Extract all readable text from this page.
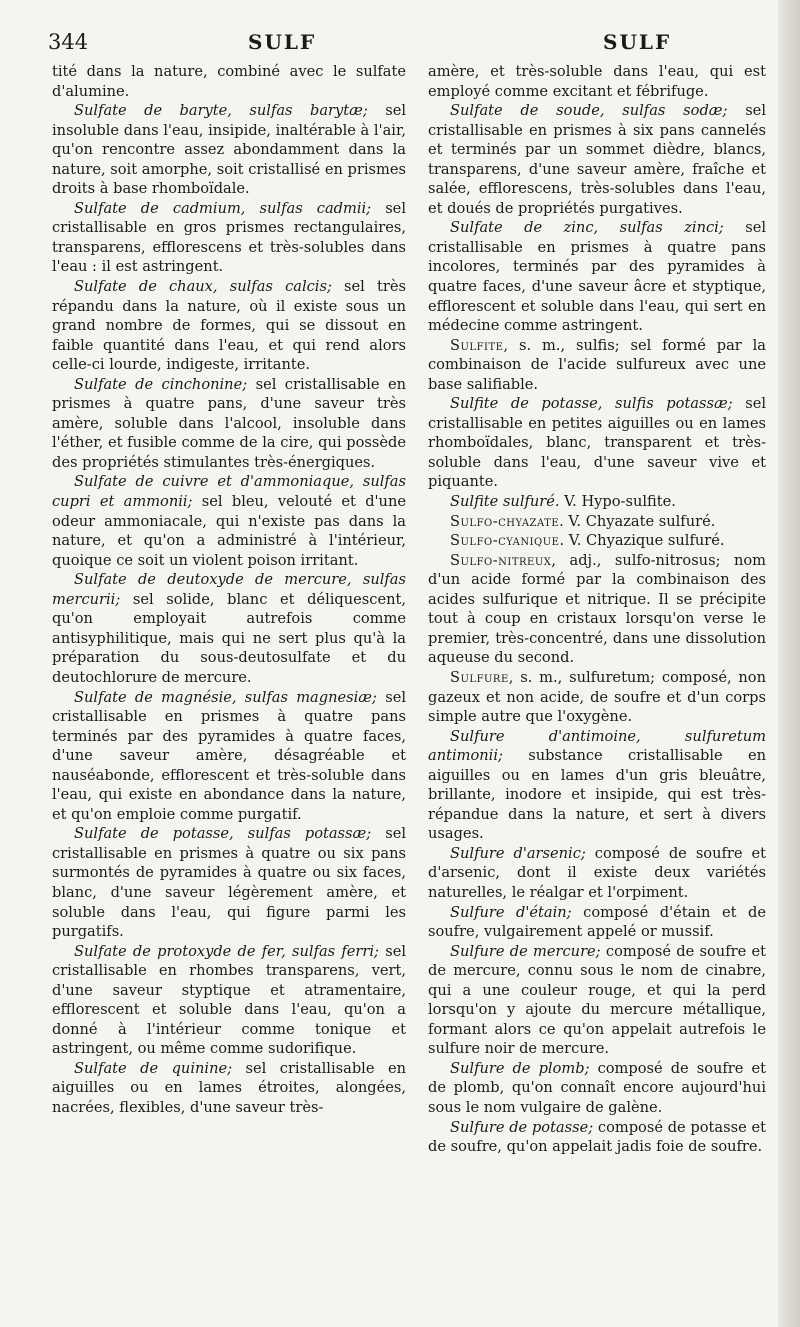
344	SULF	SULF

tité dans la nature, combiné avec le sulfate d'alumine.

Sulfate de baryte, sulfas barytæ; sel insoluble dans l'eau, insipide, inaltérable à l'air, qu'on rencontre assez abondamment dans la nature, soit amorphe, soit cristallisé en prismes droits à base rhomboïdale.

Sulfate de cadmium, sulfas cadmii; sel cristallisable en gros prismes rectangulaires, transparens, efflorescens et très-solubles dans l'eau : il est astringent.

Sulfate de chaux, sulfas calcis; sel très répandu dans la nature, où il existe sous un grand nombre de formes, qui se dissout en faible quantité dans l'eau, et qui rend alors celle-ci lourde, indigeste, irritante.

Sulfate de cinchonine; sel cristallisable en prismes à quatre pans, d'une saveur très amère, soluble dans l'alcool, insoluble dans l'éther, et fusible comme de la cire, qui possède des propriétés stimulantes très-énergiques.

Sulfate de cuivre et d'ammoniaque, sulfas cupri et ammonii; sel bleu, velouté et d'une odeur ammoniacale, qui n'existe pas dans la nature, et qu'on a administré à l'intérieur, quoique ce soit un violent poison irritant.

Sulfate de deutoxyde de mercure, sulfas mercurii; sel solide, blanc et déliquescent, qu'on employait autrefois comme antisyphilitique, mais qui ne sert plus qu'à la préparation du sous-deutosulfate et du deutochlorure de mercure.

Sulfate de magnésie, sulfas magnesiæ; sel cristallisable en prismes à quatre pans terminés par des pyramides à quatre faces, d'une saveur amère, désagréable et nauséabonde, efflorescent et très-soluble dans l'eau, qui existe en abondance dans la nature, et qu'on emploie comme purgatif.

Sulfate de potasse, sulfas potassæ; sel cristallisable en prismes à quatre ou six pans surmontés de pyramides à quatre ou six faces, blanc, d'une saveur légèrement amère, et soluble dans l'eau, qui figure parmi les purgatifs.

Sulfate de protoxyde de fer, sulfas ferri; sel cristallisable en rhombes transparens, vert, d'une saveur styptique et atramentaire, efflorescent et soluble dans l'eau, qu'on a donné à l'intérieur comme tonique et astringent, ou même comme sudorifique.

Sulfate de quinine; sel cristallisable en aiguilles ou en lames étroites, alongées, nacrées, flexibles, d'une saveur très-

amère, et très-soluble dans l'eau, qui est employé comme excitant et fébrifuge.

Sulfate de soude, sulfas sodæ; sel cristallisable en prismes à six pans cannelés et terminés par un sommet dièdre, blancs, transparens, d'une saveur amère, fraîche et salée, efflorescens, très-solubles dans l'eau, et doués de propriétés purgatives.

Sulfate de zinc, sulfas zinci; sel cristallisable en prismes à quatre pans incolores, terminés par des pyramides à quatre faces, d'une saveur âcre et styptique, efflorescent et soluble dans l'eau, qui sert en médecine comme astringent.

Sulfite, s. m., sulfis; sel formé par la combinaison de l'acide sulfureux avec une base salifiable.

Sulfite de potasse, sulfis potassæ; sel cristallisable en petites aiguilles ou en lames rhomboïdales, blanc, transparent et très-soluble dans l'eau, d'une saveur vive et piquante.

Sulfite sulfuré. V. Hypo-sulfite.

Sulfo-chyazate. V. Chyazate sulfuré.

Sulfo-cyanique. V. Chyazique sulfuré.

Sulfo-nitreux, adj., sulfo-nitrosus; nom d'un acide formé par la combinaison des acides sulfurique et nitrique. Il se précipite tout à coup en cristaux lorsqu'on verse le premier, très-concentré, dans une dissolution aqueuse du second.

Sulfure, s. m., sulfuretum; composé, non gazeux et non acide, de soufre et d'un corps simple autre que l'oxygène.

Sulfure d'antimoine, sulfuretum antimonii; substance cristallisable en aiguilles ou en lames d'un gris bleuâtre, brillante, inodore et insipide, qui est très-répandue dans la nature, et sert à divers usages.

Sulfure d'arsenic; composé de soufre et d'arsenic, dont il existe deux variétés naturelles, le réalgar et l'orpiment.

Sulfure d'étain; composé d'étain et de soufre, vulgairement appelé or mussif.

Sulfure de mercure; composé de soufre et de mercure, connu sous le nom de cinabre, qui a une couleur rouge, et qui la perd lorsqu'on y ajoute du mercure métallique, formant alors ce qu'on appelait autrefois le sulfure noir de mercure.

Sulfure de plomb; composé de soufre et de plomb, qu'on connaît encore aujourd'hui sous le nom vulgaire de galène.

Sulfure de potasse; composé de potasse et de soufre, qu'on appelait jadis foie de soufre.
